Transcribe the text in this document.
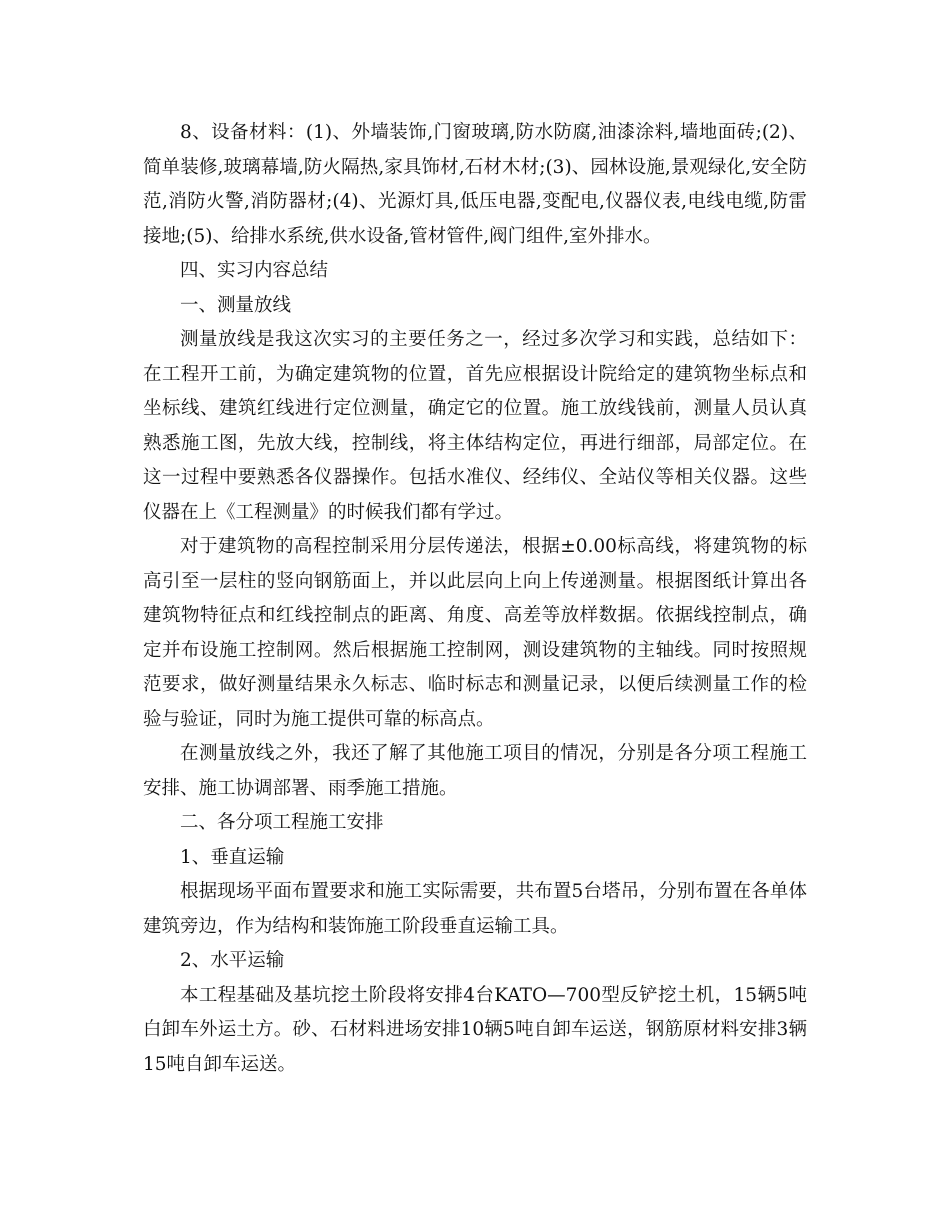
8、设备材料：(1)、外墙装饰,门窗玻璃,防水防腐,油漆涂料,墙地面砖;(2)、简单装修,玻璃幕墙,防火隔热,家具饰材,石材木材;(3)、园林设施,景观绿化,安全防范,消防火警,消防器材;(4)、光源灯具,低压电器,变配电,仪器仪表,电线电缆,防雷接地;(5)、给排水系统,供水设备,管材管件,阀门组件,室外排水。

四、实习内容总结

一、测量放线

测量放线是我这次实习的主要任务之一，经过多次学习和实践，总结如下：在工程开工前，为确定建筑物的位置，首先应根据设计院给定的建筑物坐标点和坐标线、建筑红线进行定位测量，确定它的位置。施工放线钱前，测量人员认真熟悉施工图，先放大线，控制线，将主体结构定位，再进行细部，局部定位。在这一过程中要熟悉各仪器操作。包括水准仪、经纬仪、全站仪等相关仪器。这些仪器在上《工程测量》的时候我们都有学过。

对于建筑物的高程控制采用分层传递法，根据±0.00标高线，将建筑物的标高引至一层柱的竖向钢筋面上，并以此层向上向上传递测量。根据图纸计算出各建筑物特征点和红线控制点的距离、角度、高差等放样数据。依据线控制点，确定并布设施工控制网。然后根据施工控制网，测设建筑物的主轴线。同时按照规范要求，做好测量结果永久标志、临时标志和测量记录，以便后续测量工作的检验与验证，同时为施工提供可靠的标高点。

在测量放线之外，我还了解了其他施工项目的情况，分别是各分项工程施工安排、施工协调部署、雨季施工措施。

二、各分项工程施工安排

1、垂直运输

根据现场平面布置要求和施工实际需要，共布置5台塔吊，分别布置在各单体建筑旁边，作为结构和装饰施工阶段垂直运输工具。

2、水平运输

本工程基础及基坑挖土阶段将安排4台KATO—700型反铲挖土机，15辆5吨白卸车外运土方。砂、石材料进场安排10辆5吨自卸车运送，钢筋原材料安排3辆15吨自卸车运送。
